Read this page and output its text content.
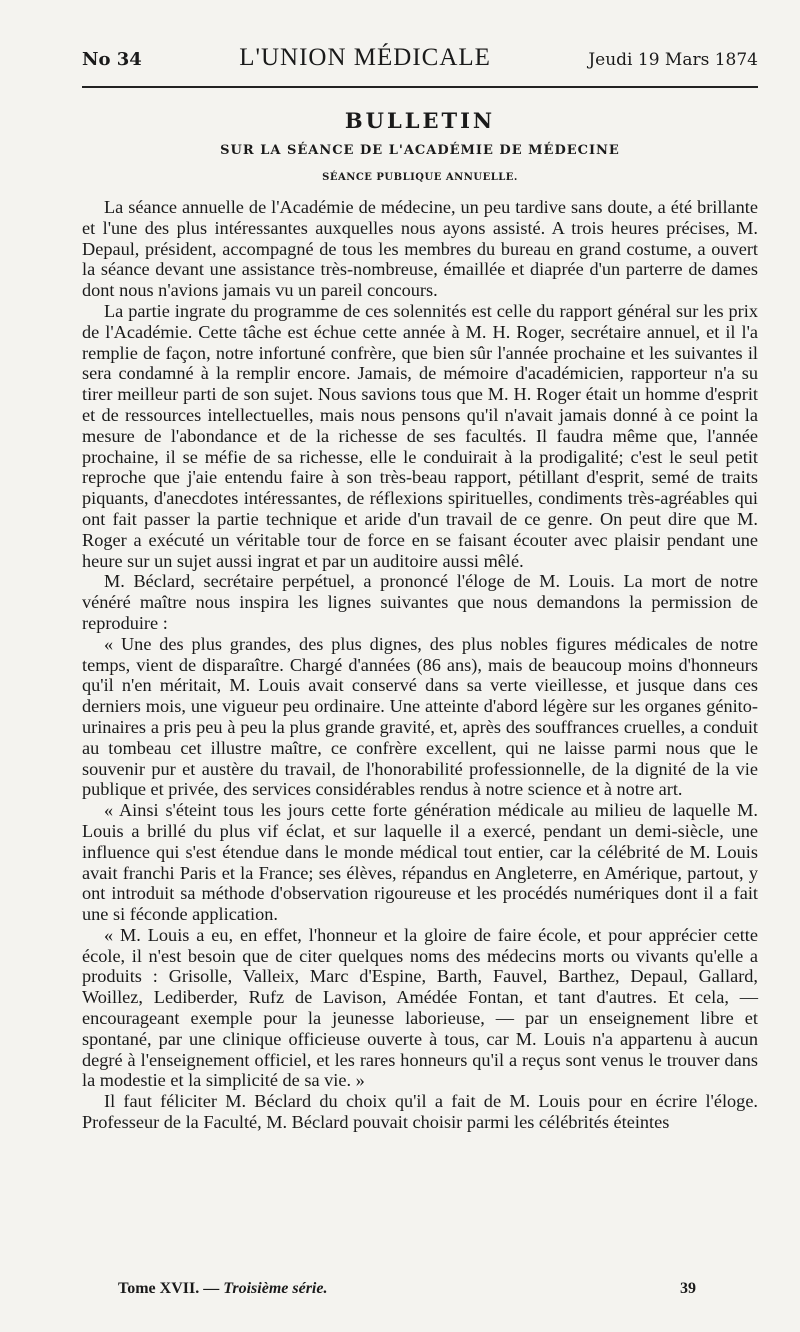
No 34	L'UNION MÉDICALE	Jeudi 19 Mars 1874
BULLETIN
SUR LA SÉANCE DE L'ACADÉMIE DE MÉDECINE
SÉANCE PUBLIQUE ANNUELLE.

La séance annuelle de l'Académie de médecine, un peu tardive sans doute, a été brillante et l'une des plus intéressantes auxquelles nous ayons assisté. A trois heures précises, M. Depaul, président, accompagné de tous les membres du bureau en grand costume, a ouvert la séance devant une assistance très-nombreuse, émaillée et diaprée d'un parterre de dames dont nous n'avions jamais vu un pareil concours.

La partie ingrate du programme de ces solennités est celle du rapport général sur les prix de l'Académie. Cette tâche est échue cette année à M. H. Roger, secrétaire annuel, et il l'a remplie de façon, notre infortuné confrère, que bien sûr l'année prochaine et les suivantes il sera condamné à la remplir encore. Jamais, de mémoire d'académicien, rapporteur n'a su tirer meilleur parti de son sujet. Nous savions tous que M. H. Roger était un homme d'esprit et de ressources intellectuelles, mais nous pensons qu'il n'avait jamais donné à ce point la mesure de l'abondance et de la richesse de ses facultés. Il faudra même que, l'année prochaine, il se méfie de sa richesse, elle le conduirait à la prodigalité; c'est le seul petit reproche que j'aie entendu faire à son très-beau rapport, pétillant d'esprit, semé de traits piquants, d'anecdotes intéressantes, de réflexions spirituelles, condiments très-agréables qui ont fait passer la partie technique et aride d'un travail de ce genre. On peut dire que M. Roger a exécuté un véritable tour de force en se faisant écouter avec plaisir pendant une heure sur un sujet aussi ingrat et par un auditoire aussi mêlé.

M. Béclard, secrétaire perpétuel, a prononcé l'éloge de M. Louis. La mort de notre vénéré maître nous inspira les lignes suivantes que nous demandons la permission de reproduire :

« Une des plus grandes, des plus dignes, des plus nobles figures médicales de notre temps, vient de disparaître. Chargé d'années (86 ans), mais de beaucoup moins d'honneurs qu'il n'en méritait, M. Louis avait conservé dans sa verte vieillesse, et jusque dans ces derniers mois, une vigueur peu ordinaire. Une atteinte d'abord légère sur les organes génito-urinaires a pris peu à peu la plus grande gravité, et, après des souffrances cruelles, a conduit au tombeau cet illustre maître, ce confrère excellent, qui ne laisse parmi nous que le souvenir pur et austère du travail, de l'honorabilité professionnelle, de la dignité de la vie publique et privée, des services considérables rendus à notre science et à notre art.

« Ainsi s'éteint tous les jours cette forte génération médicale au milieu de laquelle M. Louis a brillé du plus vif éclat, et sur laquelle il a exercé, pendant un demi-siècle, une influence qui s'est étendue dans le monde médical tout entier, car la célébrité de M. Louis avait franchi Paris et la France; ses élèves, répandus en Angleterre, en Amérique, partout, y ont introduit sa méthode d'observation rigoureuse et les procédés numériques dont il a fait une si féconde application.

« M. Louis a eu, en effet, l'honneur et la gloire de faire école, et pour apprécier cette école, il n'est besoin que de citer quelques noms des médecins morts ou vivants qu'elle a produits : Grisolle, Valleix, Marc d'Espine, Barth, Fauvel, Barthez, Depaul, Gallard, Woillez, Lediberder, Rufz de Lavison, Amédée Fontan, et tant d'autres. Et cela, — encourageant exemple pour la jeunesse laborieuse, — par un enseignement libre et spontané, par une clinique officieuse ouverte à tous, car M. Louis n'a appartenu à aucun degré à l'enseignement officiel, et les rares honneurs qu'il a reçus sont venus le trouver dans la modestie et la simplicité de sa vie. »

Il faut féliciter M. Béclard du choix qu'il a fait de M. Louis pour en écrire l'éloge. Professeur de la Faculté, M. Béclard pouvait choisir parmi les célébrités éteintes

Tome XVII. — Troisième série.	39
